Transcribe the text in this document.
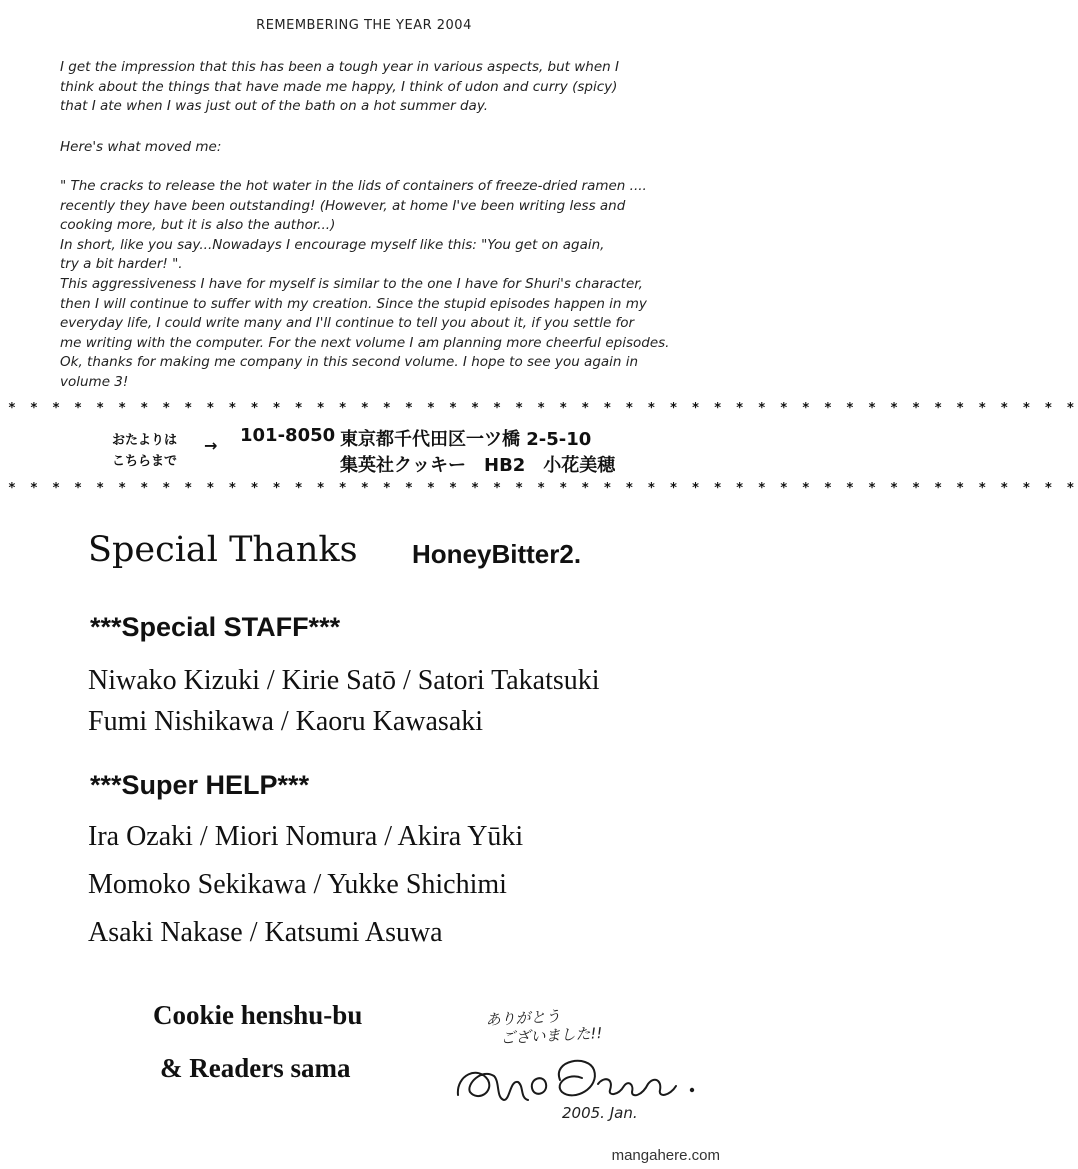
REMEMBERING THE YEAR 2004

I get the impression that this has been a tough year in various aspects, but when I
think about the things that have made me happy, I think of udon and curry (spicy)
that I ate when I was just out of the bath on a hot summer day.

Here's what moved me:

" The cracks to release the hot water in the lids of containers of freeze-dried ramen ....
recently they have been outstanding! (However, at home I've been writing less and
cooking more, but it is also the author...)
In short, like you say...Nowadays I encourage myself like this: "You get on again,
try a bit harder! ".
This aggressiveness I have for myself is similar to the one I have for Shuri's character,
then I will continue to suffer with my creation. Since the stupid episodes happen in my
everyday life, I could write many and I'll continue to tell you about it, if you settle for
me writing with the computer. For the next volume I am planning more cheerful episodes.
Ok, thanks for making me company in this second volume. I hope to see you again in
volume 3!

* * * * * * * * * * * * * * * * * * * * * * * * * * * * * * * * * * * * * * * * * * * * * * * * *
おたよりは
こちらまで
→ 101-8050 東京都千代田区一ツ橋 2-5-10
集英社クッキー　HB2　小花美穂
* * * * * * * * * * * * * * * * * * * * * * * * * * * * * * * * * * * * * * * * * * * * * * * * *
Special Thanks HoneyBitter2.
***Special STAFF***
Niwako Kizuki / Kirie Satō / Satori Takatsuki
Fumi Nishikawa / Kaoru Kawasaki
***Super HELP***
Ira Ozaki / Miori Nomura / Akira Yūki
Momoko Sekikawa / Yukke Shichimi
Asaki Nakase / Katsumi Asuwa
Cookie henshu-bu
& Readers sama
ありがとう
ございました!!
2005. Jan.
mangahere.com
